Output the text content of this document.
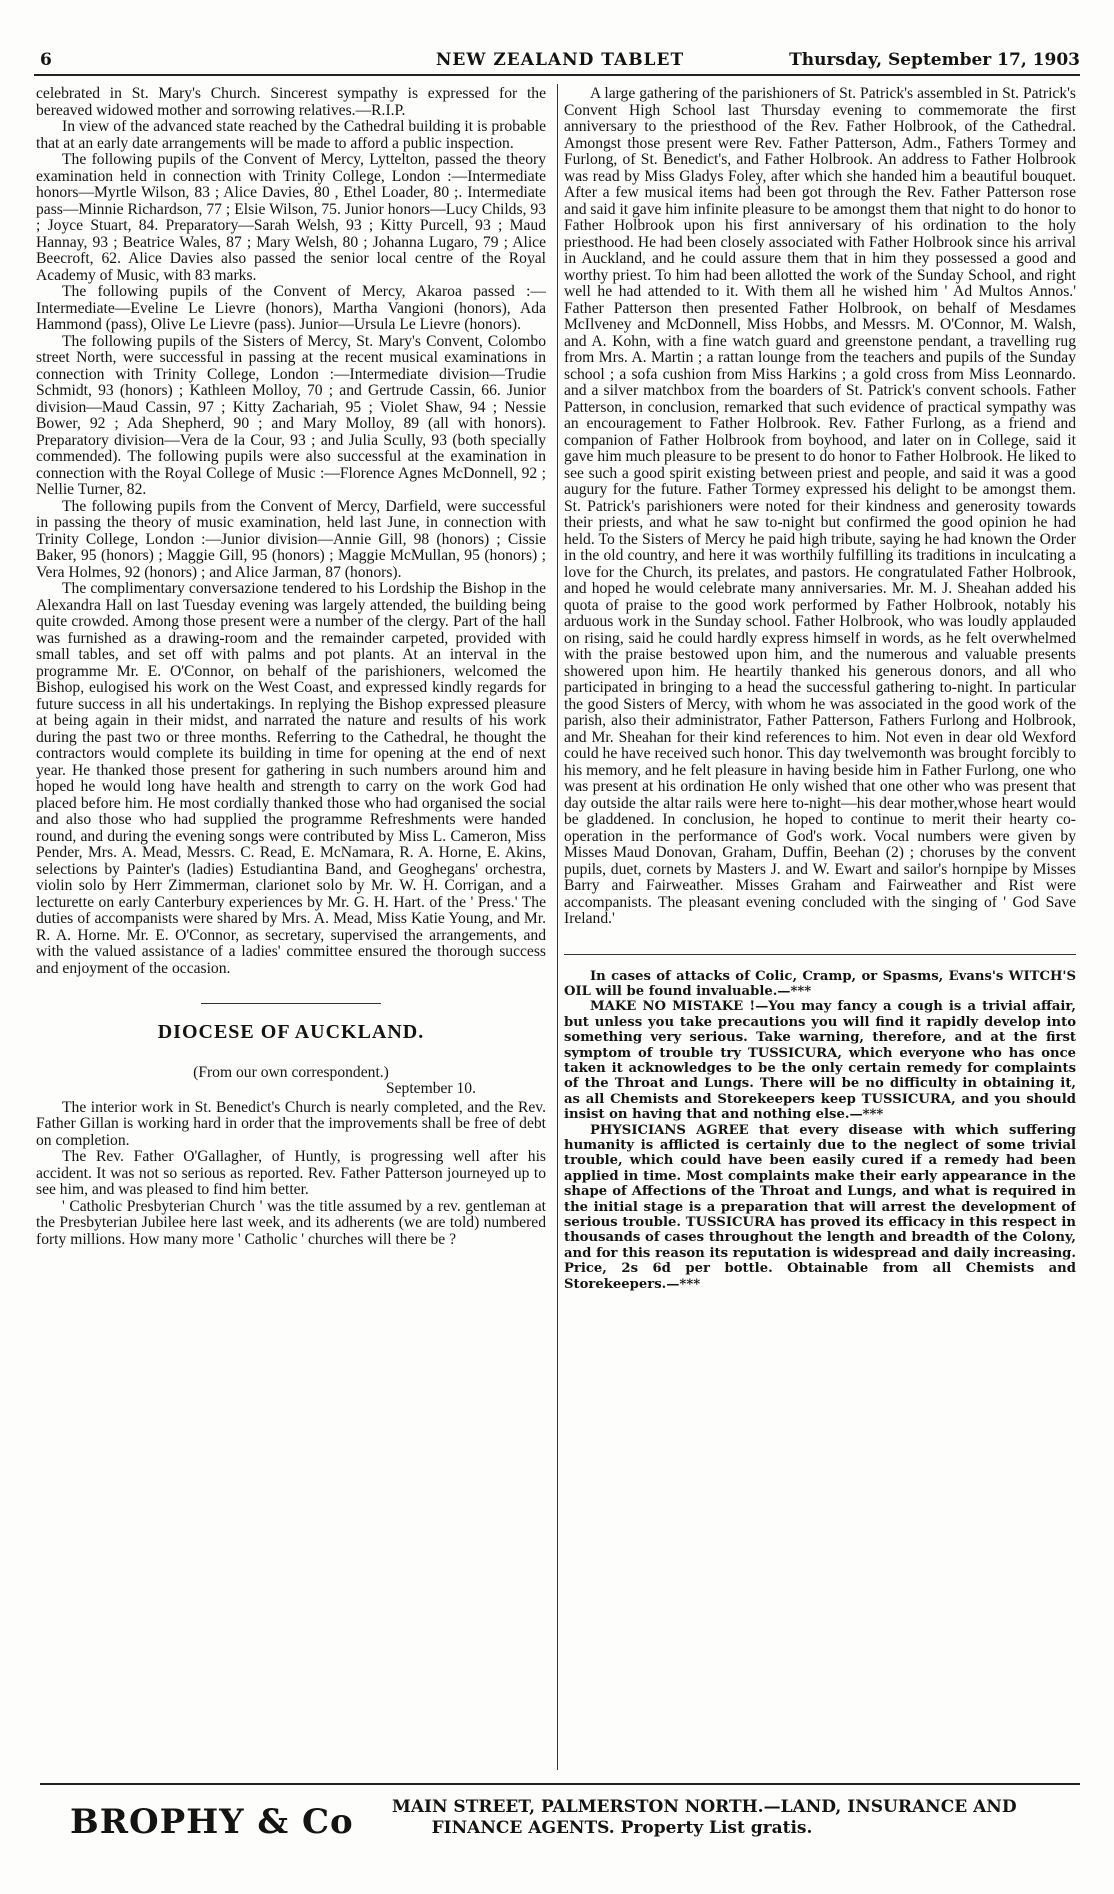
6	NEW ZEALAND TABLET	Thursday, September 17, 1903

celebrated in St. Mary's Church. Sincerest sympathy is expressed for the bereaved widowed mother and sorrowing relatives.—R.I.P.

In view of the advanced state reached by the Cathedral building it is probable that at an early date arrangements will be made to afford a public inspection.

The following pupils of the Convent of Mercy, Lyttelton, passed the theory examination held in connection with Trinity College, London :—Intermediate honors—Myrtle Wilson, 83 ; Alice Davies, 80 , Ethel Loader, 80 ;. Intermediate pass—Minnie Richardson, 77 ; Elsie Wilson, 75. Junior honors—Lucy Childs, 93 ; Joyce Stuart, 84. Preparatory—Sarah Welsh, 93 ; Kitty Purcell, 93 ; Maud Hannay, 93 ; Beatrice Wales, 87 ; Mary Welsh, 80 ; Johanna Lugaro, 79 ; Alice Beecroft, 62. Alice Davies also passed the senior local centre of the Royal Academy of Music, with 83 marks.

The following pupils of the Convent of Mercy, Akaroa passed :—Intermediate—Eveline Le Lievre (honors), Martha Vangioni (honors), Ada Hammond (pass), Olive Le Lievre (pass). Junior—Ursula Le Lievre (honors).

The following pupils of the Sisters of Mercy, St. Mary's Convent, Colombo street North, were successful in passing at the recent musical examinations in connection with Trinity College, London :—Intermediate division—Trudie Schmidt, 93 (honors) ; Kathleen Molloy, 70 ; and Gertrude Cassin, 66. Junior division—Maud Cassin, 97 ; Kitty Zachariah, 95 ; Violet Shaw, 94 ; Nessie Bower, 92 ; Ada Shepherd, 90 ; and Mary Molloy, 89 (all with honors). Preparatory division—Vera de la Cour, 93 ; and Julia Scully, 93 (both specially commended). The following pupils were also successful at the examination in connection with the Royal College of Music :—Florence Agnes McDonnell, 92 ; Nellie Turner, 82.

The following pupils from the Convent of Mercy, Darfield, were successful in passing the theory of music examination, held last June, in connection with Trinity College, London :—Junior division—Annie Gill, 98 (honors) ; Cissie Baker, 95 (honors) ; Maggie Gill, 95 (honors) ; Maggie McMullan, 95 (honors) ; Vera Holmes, 92 (honors) ; and Alice Jarman, 87 (honors).

The complimentary conversazione tendered to his Lordship the Bishop in the Alexandra Hall on last Tuesday evening was largely attended, the building being quite crowded. Among those present were a number of the clergy. Part of the hall was furnished as a drawing-room and the remainder carpeted, provided with small tables, and set off with palms and pot plants. At an interval in the programme Mr. E. O'Connor, on behalf of the parishioners, welcomed the Bishop, eulogised his work on the West Coast, and expressed kindly regards for future success in all his undertakings. In replying the Bishop expressed pleasure at being again in their midst, and narrated the nature and results of his work during the past two or three months. Referring to the Cathedral, he thought the contractors would complete its building in time for opening at the end of next year. He thanked those present for gathering in such numbers around him and hoped he would long have health and strength to carry on the work God had placed before him. He most cordially thanked those who had organised the social and also those who had supplied the programme Refreshments were handed round, and during the evening songs were contributed by Miss L. Cameron, Miss Pender, Mrs. A. Mead, Messrs. C. Read, E. McNamara, R. A. Horne, E. Akins, selections by Painter's (ladies) Estudiantina Band, and Geoghegans' orchestra, violin solo by Herr Zimmerman, clarionet solo by Mr. W. H. Corrigan, and a lecturette on early Canterbury experiences by Mr. G. H. Hart. of the ' Press.' The duties of accompanists were shared by Mrs. A. Mead, Miss Katie Young, and Mr. R. A. Horne. Mr. E. O'Connor, as secretary, supervised the arrangements, and with the valued assistance of a ladies' committee ensured the thorough success and enjoyment of the occasion.

DIOCESE OF AUCKLAND.
(From our own correspondent.)
September 10.

The interior work in St. Benedict's Church is nearly completed, and the Rev. Father Gillan is working hard in order that the improvements shall be free of debt on completion.

The Rev. Father O'Gallagher, of Huntly, is progressing well after his accident. It was not so serious as reported. Rev. Father Patterson journeyed up to see him, and was pleased to find him better.

' Catholic Presbyterian Church ' was the title assumed by a rev. gentleman at the Presbyterian Jubilee here last week, and its adherents (we are told) numbered forty millions. How many more ' Catholic ' churches will there be ?

A large gathering of the parishioners of St. Patrick's assembled in St. Patrick's Convent High School last Thursday evening to commemorate the first anniversary to the priesthood of the Rev. Father Holbrook, of the Cathedral. Amongst those present were Rev. Father Patterson, Adm., Fathers Tormey and Furlong, of St. Benedict's, and Father Holbrook. An address to Father Holbrook was read by Miss Gladys Foley, after which she handed him a beautiful bouquet. After a few musical items had been got through the Rev. Father Patterson rose and said it gave him infinite pleasure to be amongst them that night to do honor to Father Holbrook upon his first anniversary of his ordination to the holy priesthood. He had been closely associated with Father Holbrook since his arrival in Auckland, and he could assure them that in him they possessed a good and worthy priest. To him had been allotted the work of the Sunday School, and right well he had attended to it. With them all he wished him ' Ad Multos Annos.' Father Patterson then presented Father Holbrook, on behalf of Mesdames McIlveney and McDonnell, Miss Hobbs, and Messrs. M. O'Connor, M. Walsh, and A. Kohn, with a fine watch guard and greenstone pendant, a travelling rug from Mrs. A. Martin ; a rattan lounge from the teachers and pupils of the Sunday school ; a sofa cushion from Miss Harkins ; a gold cross from Miss Leonnardo. and a silver matchbox from the boarders of St. Patrick's convent schools. Father Patterson, in conclusion, remarked that such evidence of practical sympathy was an encouragement to Father Holbrook. Rev. Father Furlong, as a friend and companion of Father Holbrook from boyhood, and later on in College, said it gave him much pleasure to be present to do honor to Father Holbrook. He liked to see such a good spirit existing between priest and people, and said it was a good augury for the future. Father Tormey expressed his delight to be amongst them. St. Patrick's parishioners were noted for their kindness and generosity towards their priests, and what he saw to-night but confirmed the good opinion he had held. To the Sisters of Mercy he paid high tribute, saying he had known the Order in the old country, and here it was worthily fulfilling its traditions in inculcating a love for the Church, its prelates, and pastors. He congratulated Father Holbrook, and hoped he would celebrate many anniversaries. Mr. M. J. Sheahan added his quota of praise to the good work performed by Father Holbrook, notably his arduous work in the Sunday school. Father Holbrook, who was loudly applauded on rising, said he could hardly express himself in words, as he felt overwhelmed with the praise bestowed upon him, and the numerous and valuable presents showered upon him. He heartily thanked his generous donors, and all who participated in bringing to a head the successful gathering to-night. In particular the good Sisters of Mercy, with whom he was associated in the good work of the parish, also their administrator, Father Patterson, Fathers Furlong and Holbrook, and Mr. Sheahan for their kind references to him. Not even in dear old Wexford could he have received such honor. This day twelvemonth was brought forcibly to his memory, and he felt pleasure in having beside him in Father Furlong, one who was present at his ordination He only wished that one other who was present that day outside the altar rails were here to-night—his dear mother,whose heart would be gladdened. In conclusion, he hoped to continue to merit their hearty co-operation in the performance of God's work. Vocal numbers were given by Misses Maud Donovan, Graham, Duffin, Beehan (2) ; choruses by the convent pupils, duet, cornets by Masters J. and W. Ewart and sailor's hornpipe by Misses Barry and Fairweather. Misses Graham and Fairweather and Rist were accompanists. The pleasant evening concluded with the singing of ' God Save Ireland.'

In cases of attacks of Colic, Cramp, or Spasms, Evans's WITCH'S OIL will be found invaluable.—***

MAKE NO MISTAKE !—You may fancy a cough is a trivial affair, but unless you take precautions you will find it rapidly develop into something very serious. Take warning, therefore, and at the first symptom of trouble try TUSSICURA, which everyone who has once taken it acknowledges to be the only certain remedy for complaints of the Throat and Lungs. There will be no difficulty in obtaining it, as all Chemists and Storekeepers keep TUSSICURA, and you should insist on having that and nothing else.—***

PHYSICIANS AGREE that every disease with which suffering humanity is afflicted is certainly due to the neglect of some trivial trouble, which could have been easily cured if a remedy had been applied in time. Most complaints make their early appearance in the shape of Affections of the Throat and Lungs, and what is required in the initial stage is a preparation that will arrest the development of serious trouble. TUSSICURA has proved its efficacy in this respect in thousands of cases throughout the length and breadth of the Colony, and for this reason its reputation is widespread and daily increasing. Price, 2s 6d per bottle. Obtainable from all Chemists and Storekeepers.—***

BROPHY & Co MAIN STREET, PALMERSTON NORTH.—LAND, INSURANCE AND
FINANCE AGENTS. Property List gratis.
